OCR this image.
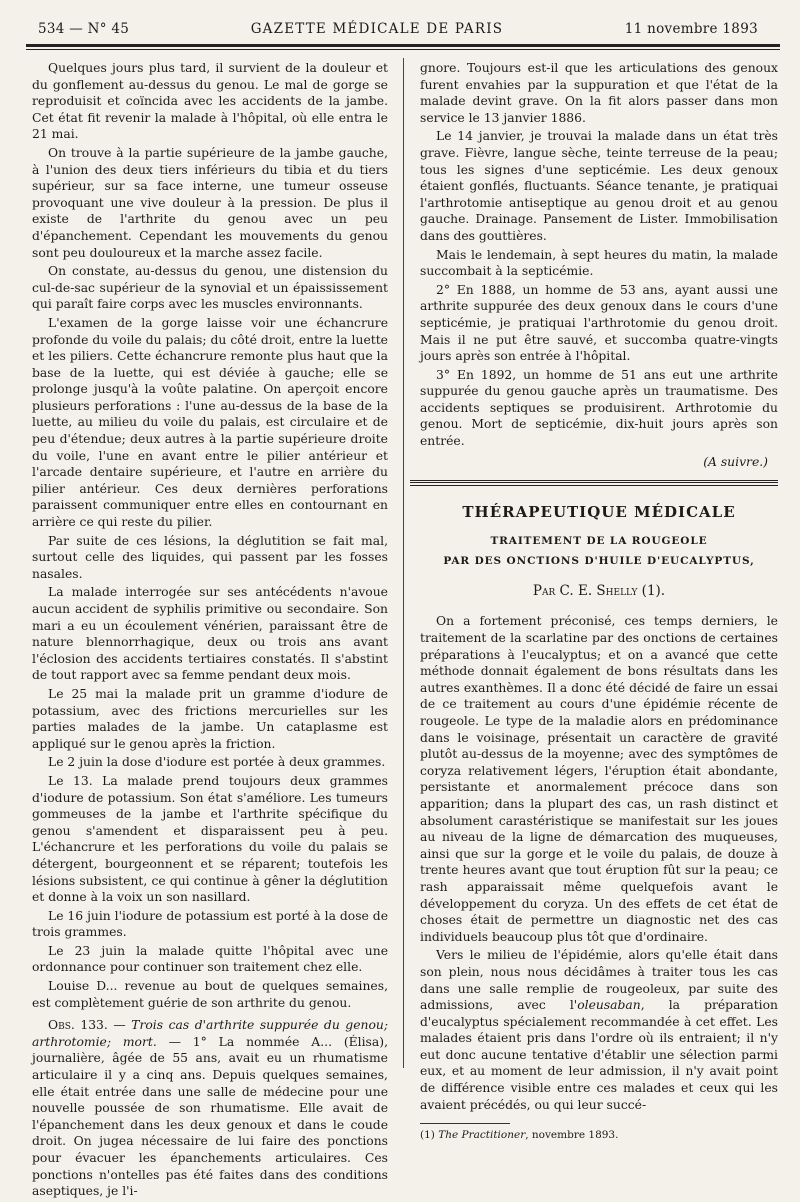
534 — N° 45	GAZETTE MÉDICALE DE PARIS	11 novembre 1893

Quelques jours plus tard, il survient de la douleur et du gonflement au-dessus du genou. Le mal de gorge se reproduisit et coïncida avec les accidents de la jambe. Cet état fit revenir la malade à l'hôpital, où elle entra le 21 mai.

On trouve à la partie supérieure de la jambe gauche, à l'union des deux tiers inférieurs du tibia et du tiers supérieur, sur sa face interne, une tumeur osseuse provoquant une vive douleur à la pression. De plus il existe de l'arthrite du genou avec un peu d'épanchement. Cependant les mouvements du genou sont peu douloureux et la marche assez facile.

On constate, au-dessus du genou, une distension du cul-de-sac supérieur de la synovial et un épaississement qui paraît faire corps avec les muscles environnants.

L'examen de la gorge laisse voir une échancrure profonde du voile du palais; du côté droit, entre la luette et les piliers. Cette échancrure remonte plus haut que la base de la luette, qui est déviée à gauche; elle se prolonge jusqu'à la voûte palatine. On aperçoit encore plusieurs perforations : l'une au-dessus de la base de la luette, au milieu du voile du palais, est circulaire et de peu d'étendue; deux autres à la partie supérieure droite du voile, l'une en avant entre le pilier antérieur et l'arcade dentaire supérieure, et l'autre en arrière du pilier antérieur. Ces deux dernières perforations paraissent communiquer entre elles en contournant en arrière ce qui reste du pilier.

Par suite de ces lésions, la déglutition se fait mal, surtout celle des liquides, qui passent par les fosses nasales.

La malade interrogée sur ses antécédents n'avoue aucun accident de syphilis primitive ou secondaire. Son mari a eu un écoulement vénérien, paraissant être de nature blennorrhagique, deux ou trois ans avant l'éclosion des accidents tertiaires constatés. Il s'abstint de tout rapport avec sa femme pendant deux mois.

Le 25 mai la malade prit un gramme d'iodure de potassium, avec des frictions mercurielles sur les parties malades de la jambe. Un cataplasme est appliqué sur le genou après la friction.

Le 2 juin la dose d'iodure est portée à deux grammes.

Le 13. La malade prend toujours deux grammes d'iodure de potassium. Son état s'améliore. Les tumeurs gommeuses de la jambe et l'arthrite spécifique du genou s'amendent et disparaissent peu à peu. L'échancrure et les perforations du voile du palais se détergent, bourgeonnent et se réparent; toutefois les lésions subsistent, ce qui continue à gêner la déglutition et donne à la voix un son nasillard.

Le 16 juin l'iodure de potassium est porté à la dose de trois grammes.

Le 23 juin la malade quitte l'hôpital avec une ordonnance pour continuer son traitement chez elle.

Louise D... revenue au bout de quelques semaines, est complètement guérie de son arthrite du genou.

Obs. 133. — Trois cas d'arthrite suppurée du genou; arthrotomie; mort. — 1° La nommée A... (Élisa), journalière, âgée de 55 ans, avait eu un rhumatisme articulaire il y a cinq ans. Depuis quelques semaines, elle était entrée dans une salle de médecine pour une nouvelle poussée de son rhumatisme. Elle avait de l'épanchement dans les deux genoux et dans le coude droit. On jugea nécessaire de lui faire des ponctions pour évacuer les épanchements articulaires. Ces ponctions n'ontelles pas été faites dans des conditions aseptiques, je l'i-

gnore. Toujours est-il que les articulations des genoux furent envahies par la suppuration et que l'état de la malade devint grave. On la fit alors passer dans mon service le 13 janvier 1886.

Le 14 janvier, je trouvai la malade dans un état très grave. Fièvre, langue sèche, teinte terreuse de la peau; tous les signes d'une septicémie. Les deux genoux étaient gonflés, fluctuants. Séance tenante, je pratiquai l'arthrotomie antiseptique au genou droit et au genou gauche. Drainage. Pansement de Lister. Immobilisation dans des gouttières.

Mais le lendemain, à sept heures du matin, la malade succombait à la septicémie.

2° En 1888, un homme de 53 ans, ayant aussi une arthrite suppurée des deux genoux dans le cours d'une septicémie, je pratiquai l'arthrotomie du genou droit. Mais il ne put être sauvé, et succomba quatre-vingts jours après son entrée à l'hôpital.

3° En 1892, un homme de 51 ans eut une arthrite suppurée du genou gauche après un traumatisme. Des accidents septiques se produisirent. Arthrotomie du genou. Mort de septicémie, dix-huit jours après son entrée.

(A suivre.)
THÉRAPEUTIQUE MÉDICALE
TRAITEMENT DE LA ROUGEOLE
PAR DES ONCTIONS D'HUILE D'EUCALYPTUS,
Par C. E. Shelly (1).

On a fortement préconisé, ces temps derniers, le traitement de la scarlatine par des onctions de certaines préparations à l'eucalyptus; et on a avancé que cette méthode donnait également de bons résultats dans les autres exanthèmes. Il a donc été décidé de faire un essai de ce traitement au cours d'une épidémie récente de rougeole. Le type de la maladie alors en prédominance dans le voisinage, présentait un caractère de gravité plutôt au-dessus de la moyenne; avec des symptômes de coryza relativement légers, l'éruption était abondante, persistante et anormalement précoce dans son apparition; dans la plupart des cas, un rash distinct et absolument carastéristique se manifestait sur les joues au niveau de la ligne de démarcation des muqueuses, ainsi que sur la gorge et le voile du palais, de douze à trente heures avant que tout éruption fût sur la peau; ce rash apparaissait même quelquefois avant le développement du coryza. Un des effets de cet état de choses était de permettre un diagnostic net des cas individuels beaucoup plus tôt que d'ordinaire.

Vers le milieu de l'épidémie, alors qu'elle était dans son plein, nous nous décidâmes à traiter tous les cas dans une salle remplie de rougeoleux, par suite des admissions, avec l'oleusaban, la préparation d'eucalyptus spécialement recommandée à cet effet. Les malades étaient pris dans l'ordre où ils entraient; il n'y eut donc aucune tentative d'établir une sélection parmi eux, et au moment de leur admission, il n'y avait point de différence visible entre ces malades et ceux qui les avaient précédés, ou qui leur succé-

(1) The Practitioner, novembre 1893.
